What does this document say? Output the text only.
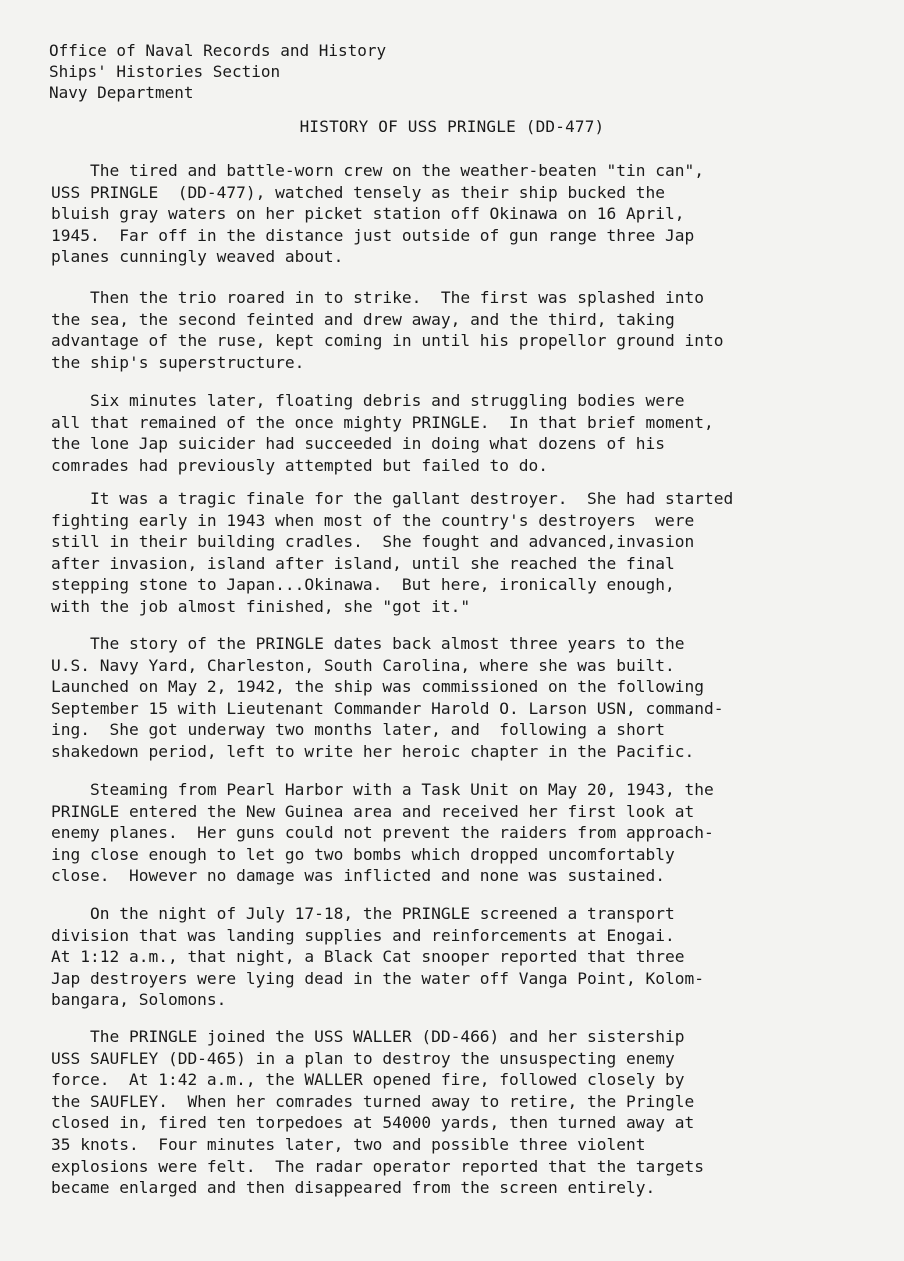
Office of Naval Records and History
Ships' Histories Section
Navy Department
HISTORY OF USS PRINGLE (DD-477)
The tired and battle-worn crew on the weather-beaten "tin can",
USS PRINGLE  (DD-477), watched tensely as their ship bucked the
bluish gray waters on her picket station off Okinawa on 16 April,
1945.  Far off in the distance just outside of gun range three Jap
planes cunningly weaved about.
Then the trio roared in to strike.  The first was splashed into
the sea, the second feinted and drew away, and the third, taking
advantage of the ruse, kept coming in until his propellor ground into
the ship's superstructure.
Six minutes later, floating debris and struggling bodies were
all that remained of the once mighty PRINGLE.  In that brief moment,
the lone Jap suicider had succeeded in doing what dozens of his
comrades had previously attempted but failed to do.
It was a tragic finale for the gallant destroyer.  She had started
fighting early in 1943 when most of the country's destroyers  were
still in their building cradles.  She fought and advanced,invasion
after invasion, island after island, until she reached the final
stepping stone to Japan...Okinawa.  But here, ironically enough,
with the job almost finished, she "got it."
The story of the PRINGLE dates back almost three years to the
U.S. Navy Yard, Charleston, South Carolina, where she was built.
Launched on May 2, 1942, the ship was commissioned on the following
September 15 with Lieutenant Commander Harold O. Larson USN, command-
ing.  She got underway two months later, and  following a short
shakedown period, left to write her heroic chapter in the Pacific.
Steaming from Pearl Harbor with a Task Unit on May 20, 1943, the
PRINGLE entered the New Guinea area and received her first look at
enemy planes.  Her guns could not prevent the raiders from approach-
ing close enough to let go two bombs which dropped uncomfortably
close.  However no damage was inflicted and none was sustained.
On the night of July 17-18, the PRINGLE screened a transport
division that was landing supplies and reinforcements at Enogai.
At 1:12 a.m., that night, a Black Cat snooper reported that three
Jap destroyers were lying dead in the water off Vanga Point, Kolom-
bangara, Solomons.
The PRINGLE joined the USS WALLER (DD-466) and her sistership
USS SAUFLEY (DD-465) in a plan to destroy the unsuspecting enemy
force.  At 1:42 a.m., the WALLER opened fire, followed closely by
the SAUFLEY.  When her comrades turned away to retire, the Pringle
closed in, fired ten torpedoes at 54000 yards, then turned away at
35 knots.  Four minutes later, two and possible three violent
explosions were felt.  The radar operator reported that the targets
became enlarged and then disappeared from the screen entirely.
